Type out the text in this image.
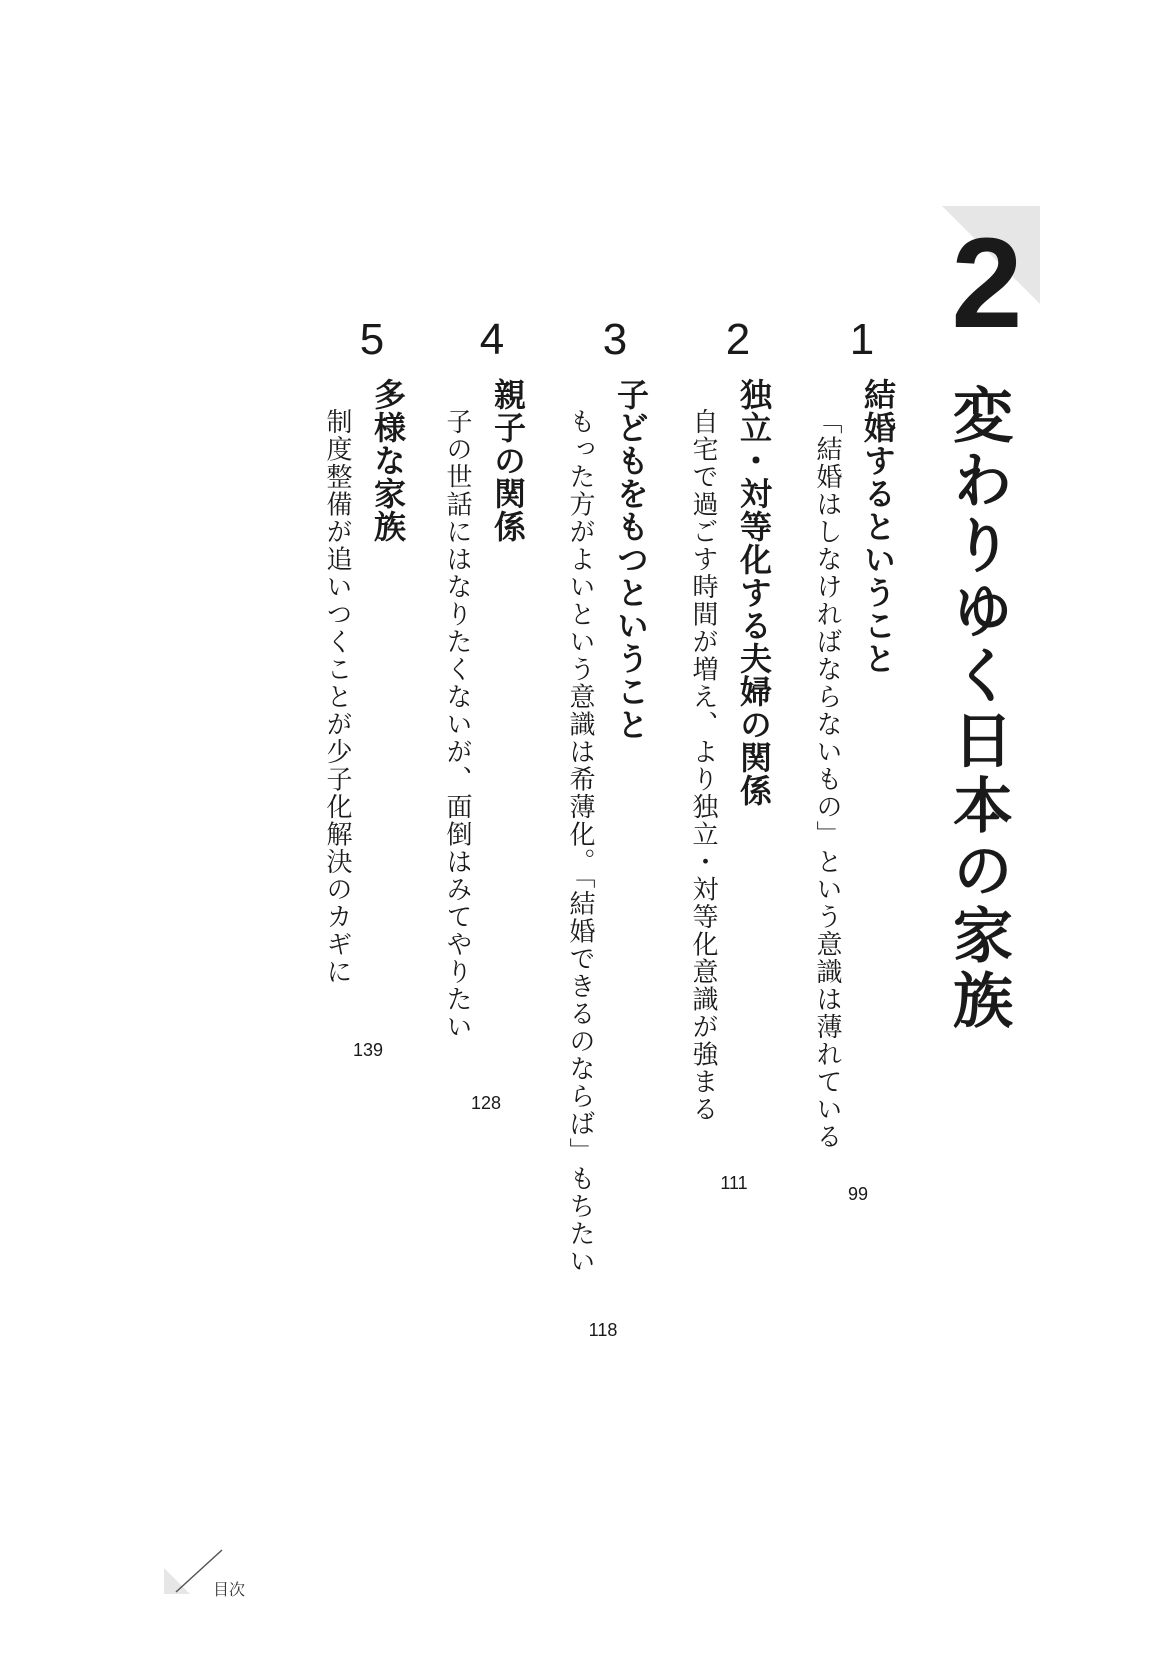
2
変わりゆく日本の家族
1
結婚するということ
「結婚はしなければならないもの」という意識は薄れている
99
2
独立・対等化する夫婦の関係
自宅で過ごす時間が増え、より独立・対等化意識が強まる
111
3
子どもをもつということ
もった方がよいという意識は希薄化。「結婚できるのならば」もちたい
118
4
親子の関係
子の世話にはなりたくないが、面倒はみてやりたい
128
5
多様な家族
制度整備が追いつくことが少子化解決のカギに
139
目次
